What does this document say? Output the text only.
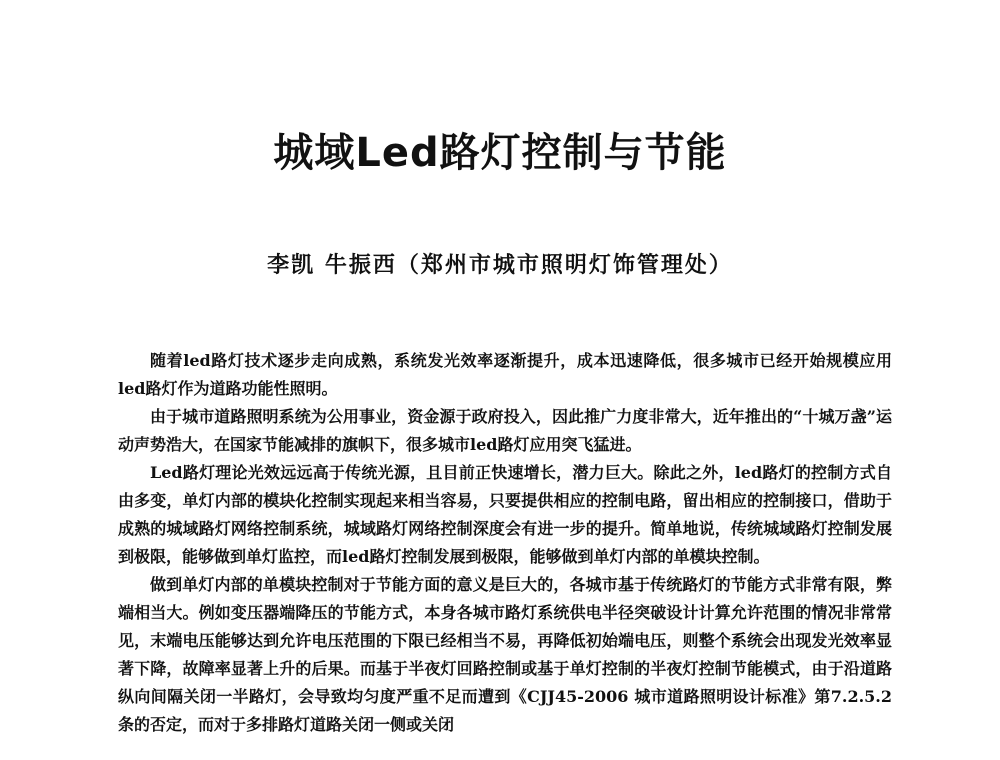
城域Led路灯控制与节能
李凯 牛振西（郑州市城市照明灯饰管理处）

随着led路灯技术逐步走向成熟，系统发光效率逐渐提升，成本迅速降低，很多城市已经开始规模应用led路灯作为道路功能性照明。

由于城市道路照明系统为公用事业，资金源于政府投入，因此推广力度非常大，近年推出的“十城万盏”运动声势浩大，在国家节能减排的旗帜下，很多城市led路灯应用突飞猛进。

Led路灯理论光效远远高于传统光源，且目前正快速增长，潜力巨大。除此之外，led路灯的控制方式自由多变，单灯内部的模块化控制实现起来相当容易，只要提供相应的控制电路，留出相应的控制接口，借助于成熟的城域路灯网络控制系统，城域路灯网络控制深度会有进一步的提升。简单地说，传统城域路灯控制发展到极限，能够做到单灯监控，而led路灯控制发展到极限，能够做到单灯内部的单模块控制。

做到单灯内部的单模块控制对于节能方面的意义是巨大的，各城市基于传统路灯的节能方式非常有限，弊端相当大。例如变压器端降压的节能方式，本身各城市路灯系统供电半径突破设计计算允许范围的情况非常常见，末端电压能够达到允许电压范围的下限已经相当不易，再降低初始端电压，则整个系统会出现发光效率显著下降，故障率显著上升的后果。而基于半夜灯回路控制或基于单灯控制的半夜灯控制节能模式，由于沿道路纵向间隔关闭一半路灯，会导致均匀度严重不足而遭到《CJJ45-2006 城市道路照明设计标准》第7.2.5.2条的否定，而对于多排路灯道路关闭一侧或关闭
